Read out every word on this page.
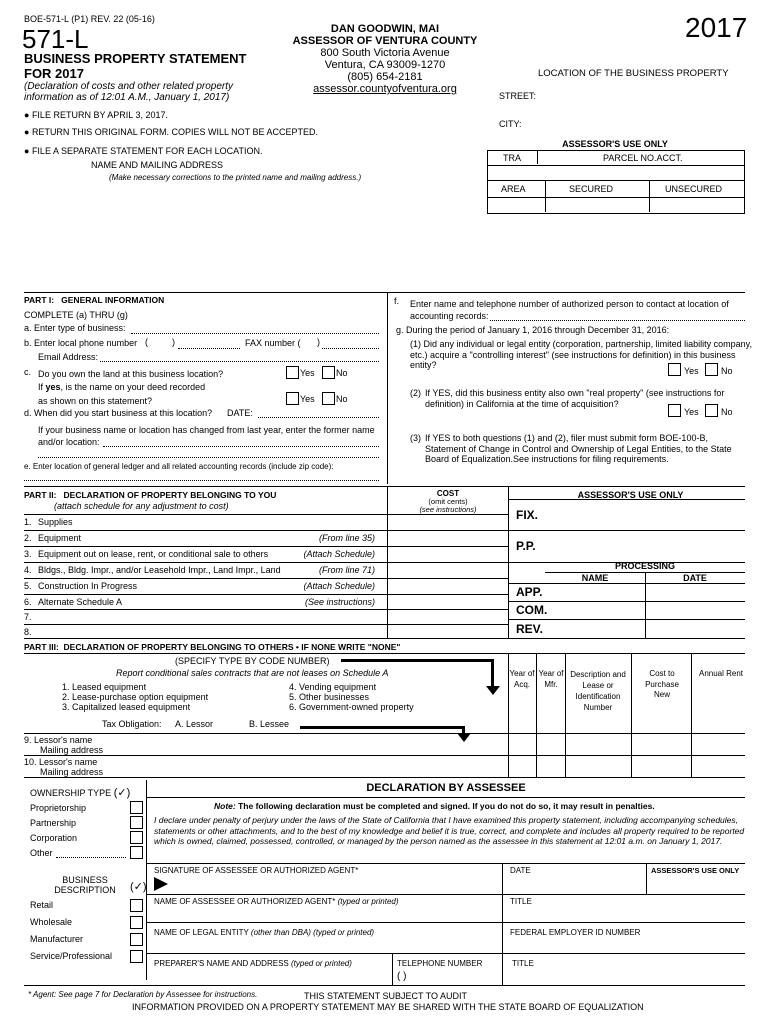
BOE-571-L (P1) REV. 22 (05-16)
571-L
BUSINESS PROPERTY STATEMENT
FOR 2017
(Declaration of costs and other related property
information as of 12:01 A.M., January 1, 2017)
DAN GOODWIN, MAI
ASSESSOR OF VENTURA COUNTY
800 South Victoria Avenue
Ventura, CA 93009-1270
(805) 654-2181
assessor.countyofventura.org
2017
● FILE RETURN BY APRIL 3, 2017.
● RETURN THIS ORIGINAL FORM. COPIES WILL NOT BE ACCEPTED.
● FILE A SEPARATE STATEMENT FOR EACH LOCATION.
NAME AND MAILING ADDRESS
(Make necessary corrections to the printed name and mailing address.)
LOCATION OF THE BUSINESS PROPERTY
STREET:
CITY:
ASSESSOR'S USE ONLY
TRA	PARCEL NO.ACCT.
AREA	SECURED	UNSECURED
PART I: GENERAL INFORMATION
COMPLETE (a) THRU (g)
a. Enter type of business:
b. Enter local phone number (	)	FAX number ( )
Email Address:
c. Do you own the land at this business location?	Yes No
If yes, is the name on your deed recorded
as shown on this statement?	Yes No
d. When did you start business at this location? DATE:
If your business name or location has changed from last year, enter the former name
and/or location:
e. Enter location of general ledger and all related accounting records (include zip code):
f. Enter name and telephone number of authorized person to contact at location of
accounting records:
g. During the period of January 1, 2016 through December 31, 2016:
(1) Did any individual or legal entity (corporation, partnership, limited liability company, etc.) acquire a "controlling interest" (see instructions for definition) in this business entity?
Yes No
(2) If YES, did this business entity also own "real property" (see instructions for definition) in California at the time of acquisition?
Yes No
(3) If YES to both questions (1) and (2), filer must submit form BOE-100-B, Statement of Change in Control and Ownership of Legal Entities, to the State Board of Equalization.See instructions for filing requirements.
PART II: DECLARATION OF PROPERTY BELONGING TO YOU
(attach schedule for any adjustment to cost)
COST
(omit cents)
(see instructions)
1. Supplies
2. Equipment	(From line 35)
3. Equipment out on lease, rent, or conditional sale to others	(Attach Schedule)
4. Bldgs., Bldg. Impr., and/or Leasehold Impr., Land Impr., Land	(From line 71)
5. Construction In Progress	(Attach Schedule)
6. Alternate Schedule A	(See instructions)
7.
8.
ASSESSOR'S USE ONLY
FIX.
P.P.
PROCESSING
NAME	DATE
APP.
COM.
REV.
PART III: DECLARATION OF PROPERTY BELONGING TO OTHERS • IF NONE WRITE "NONE"
(SPECIFY TYPE BY CODE NUMBER)
Report conditional sales contracts that are not leases on Schedule A
1. Leased equipment
2. Lease-purchase option equipment
3. Capitalized leased equipment
4. Vending equipment
5. Other businesses
6. Government-owned property
Tax Obligation: A. Lessor	B. Lessee
Year of Acq.
Year of Mfr.
Description and Lease or Identification Number
Cost to Purchase New
Annual Rent
9. Lessor's name
Mailing address
10. Lessor's name
Mailing address
OWNERSHIP TYPE (✓)
Proprietorship
Partnership
Corporation
Other
BUSINESS
DESCRIPTION	(✓)
Retail
Wholesale
Manufacturer
Service/Professional
DECLARATION BY ASSESSEE
Note: The following declaration must be completed and signed. If you do not do so, it may result in penalties.
I declare under penalty of perjury under the laws of the State of California that I have examined this property statement, including accompanying schedules, statements or other attachments, and to the best of my knowledge and belief it is true, correct, and complete and includes all property required to be reported which is owned, claimed, possessed, controlled, or managed by the person named as the assessee in this statement at 12:01 a.m. on January 1, 2017.
SIGNATURE OF ASSESSEE OR AUTHORIZED AGENT*	DATE	ASSESSOR'S USE ONLY
NAME OF ASSESSEE OR AUTHORIZED AGENT* (typed or printed)	TITLE
NAME OF LEGAL ENTITY (other than DBA) (typed or printed)	FEDERAL EMPLOYER ID NUMBER
PREPARER'S NAME AND ADDRESS (typed or printed)	TELEPHONE NUMBER
( )
TITLE
* Agent: See page 7 for Declaration by Assessee for instructions.	THIS STATEMENT SUBJECT TO AUDIT
INFORMATION PROVIDED ON A PROPERTY STATEMENT MAY BE SHARED WITH THE STATE BOARD OF EQUALIZATION
